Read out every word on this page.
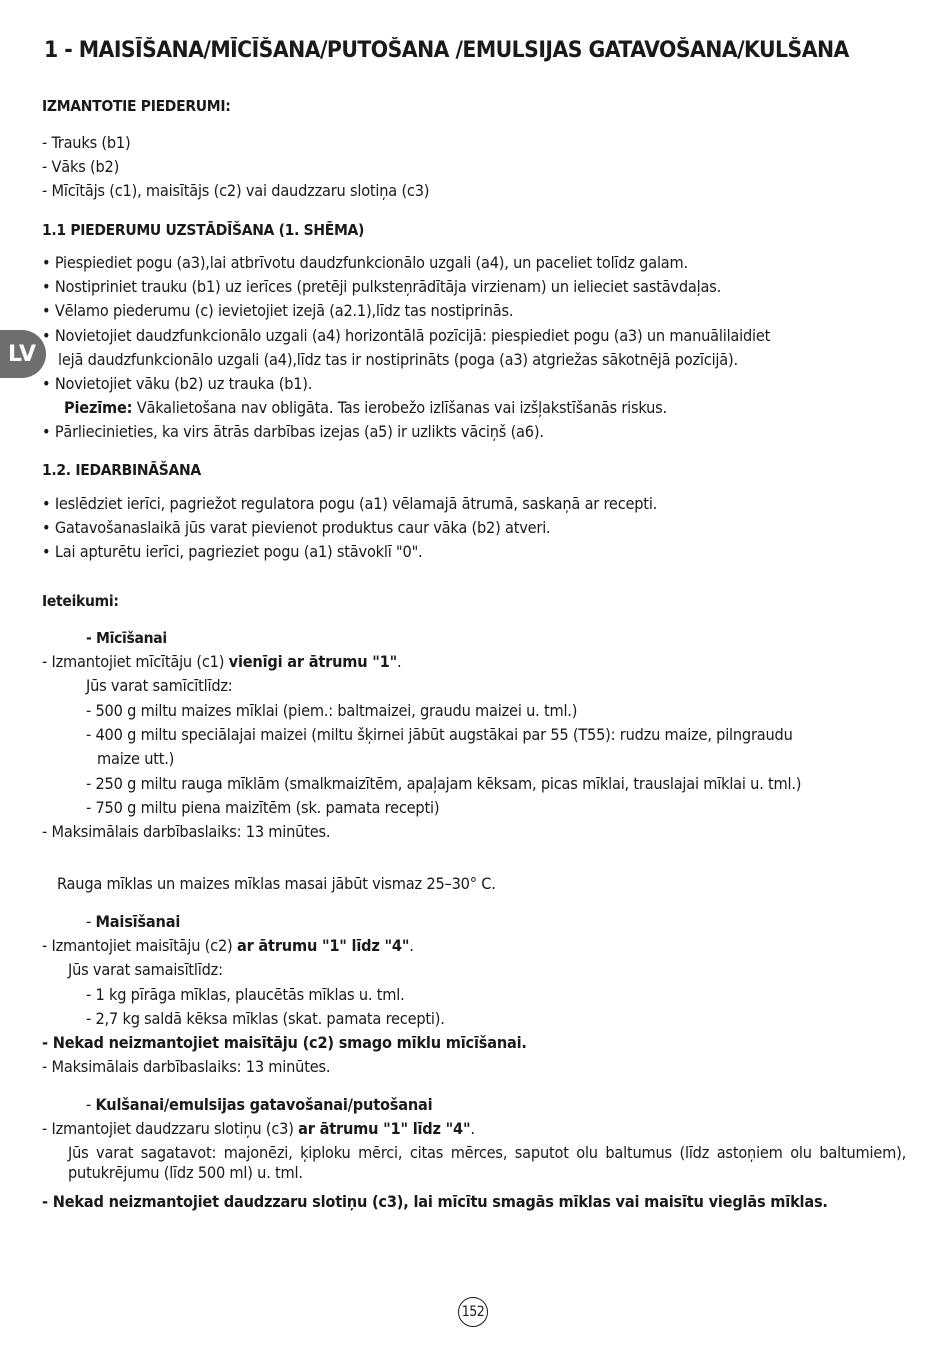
1 - MAISĪŠANA/MĪCĪŠANA/PUTOŠANA /EMULSIJAS GATAVOŠANA/KULŠANA
LV
IZMANTOTIE PIEDERUMI:
- Trauks (b1)
- Vāks (b2)
- Mīcītājs (c1), maisītājs (c2) vai daudzzaru slotiņa (c3)
1.1 PIEDERUMU UZSTĀDĪŠANA (1. SHĒMA)
• Piespiediet pogu (a3),lai atbrīvotu daudzfunkcionālo uzgali (a4), un paceliet tolīdz galam.
• Nostipriniet trauku (b1) uz ierīces (pretēji pulksteņrādītāja virzienam) un ielieciet sastāvdaļas.
• Vēlamo piederumu (c) ievietojiet izejā (a2.1),līdz tas nostiprinās.
• Novietojiet daudzfunkcionālo uzgali (a4) horizontālā pozīcijā: piespiediet pogu (a3) un manuālilaidiet
lejā daudzfunkcionālo uzgali (a4),līdz tas ir nostiprināts (poga (a3) atgriežas sākotnējā pozīcijā).
• Novietojiet vāku (b2) uz trauka (b1).
Piezīme: Vākalietošana nav obligāta. Tas ierobežo izlīšanas vai izšļakstīšanās riskus.
• Pārliecinieties, ka virs ātrās darbības izejas (a5) ir uzlikts vāciņš (a6).
1.2. IEDARBINĀŠANA
• Ieslēdziet ierīci, pagriežot regulatora pogu (a1) vēlamajā ātrumā, saskaņā ar recepti.
• Gatavošanaslaikā jūs varat pievienot produktus caur vāka (b2) atveri.
• Lai apturētu ierīci, pagrieziet pogu (a1) stāvoklī "0".
Ieteikumi:
- Mīcīšanai
- Izmantojiet mīcītāju (c1) vienīgi ar ātrumu "1".
Jūs varat samīcītlīdz:
- 500 g miltu maizes mīklai (piem.: baltmaizei, graudu maizei u. tml.)
- 400 g miltu speciālajai maizei (miltu šķirnei jābūt augstākai par 55 (T55): rudzu maize, pilngraudu
maize utt.)
- 250 g miltu rauga mīklām (smalkmaizītēm, apaļajam kēksam, picas mīklai, trauslajai mīklai u. tml.)
- 750 g miltu piena maizītēm (sk. pamata recepti)
- Maksimālais darbībaslaiks: 13 minūtes.
Rauga mīklas un maizes mīklas masai jābūt vismaz 25–30° C.
- Maisīšanai
- Izmantojiet maisītāju (c2) ar ātrumu "1" līdz "4".
Jūs varat samaisītlīdz:
- 1 kg pīrāga mīklas, plaucētās mīklas u. tml.
- 2,7 kg saldā kēksa mīklas (skat. pamata recepti).
- Nekad neizmantojiet maisītāju (c2) smago mīklu mīcīšanai.
- Maksimālais darbībaslaiks: 13 minūtes.
- Kulšanai/emulsijas gatavošanai/putošanai
- Izmantojiet daudzzaru slotiņu (c3) ar ātrumu "1" līdz "4".
Jūs varat sagatavot: majonēzi, ķiploku mērci, citas mērces, saputot olu baltumus (līdz astoņiem olu baltumiem), putukrējumu (līdz 500 ml) u. tml.
- Nekad neizmantojiet daudzzaru slotiņu (c3), lai mīcītu smagās mīklas vai maisītu vieglās mīklas.
152
